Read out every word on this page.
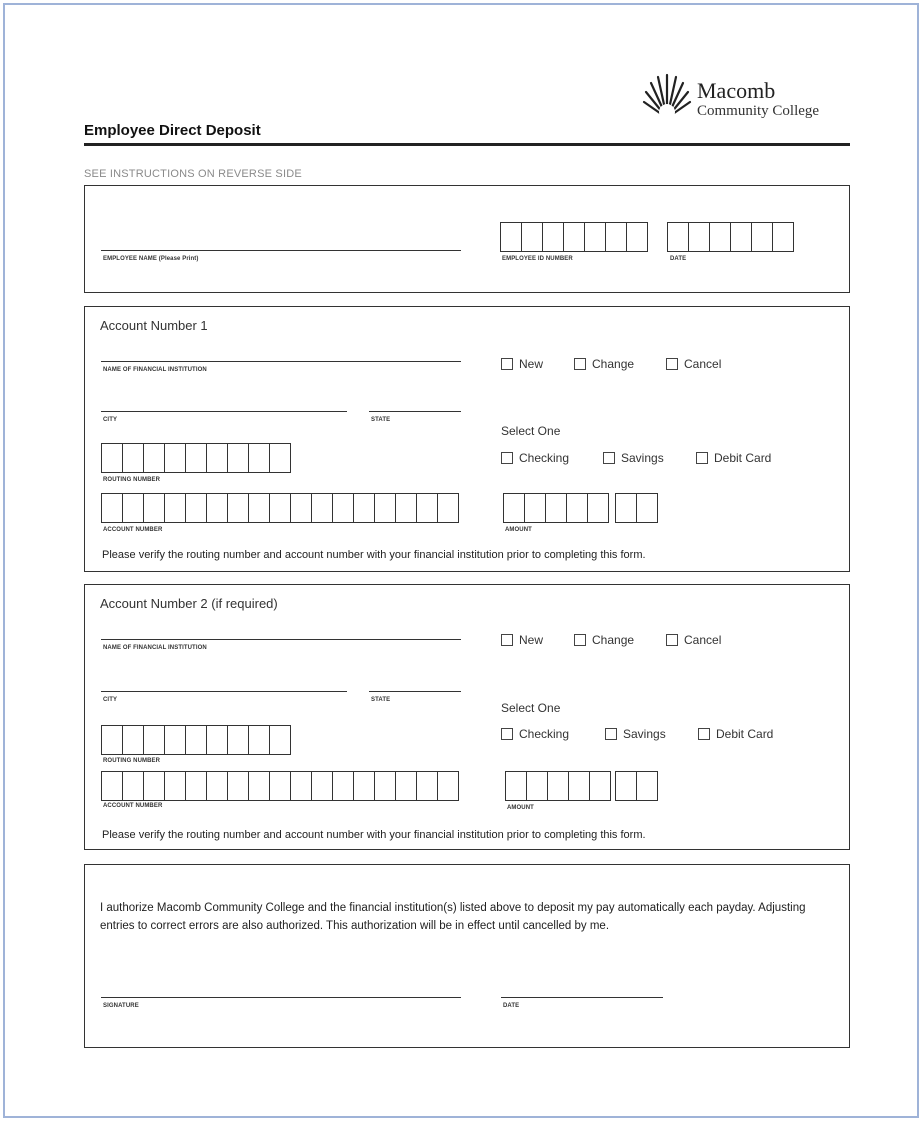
Macomb
Community College
Employee Direct Deposit
SEE INSTRUCTIONS ON REVERSE SIDE
EMPLOYEE NAME (Please Print)	EMPLOYEE ID NUMBER	DATE
Account Number 1
NAME OF FINANCIAL INSTITUTION	New	Change	Cancel
CITY	STATE
Select One
Checking	Savings	Debit Card
ROUTING NUMBER
ACCOUNT NUMBER	AMOUNT
Please verify the routing number and account number with your financial institution prior to completing this form.
Account Number 2 (if required)
NAME OF FINANCIAL INSTITUTION
New	Change	Cancel
CITY	STATE
Select One
Checking	Savings	Debit Card
ROUTING NUMBER
ACCOUNT NUMBER	AMOUNT
Please verify the routing number and account number with your financial institution prior to completing this form.
I authorize Macomb Community College and the financial institution(s) listed above to deposit my pay automatically each payday. Adjusting entries to correct errors are also authorized. This authorization will be in effect until cancelled by me.
SIGNATURE	DATE
